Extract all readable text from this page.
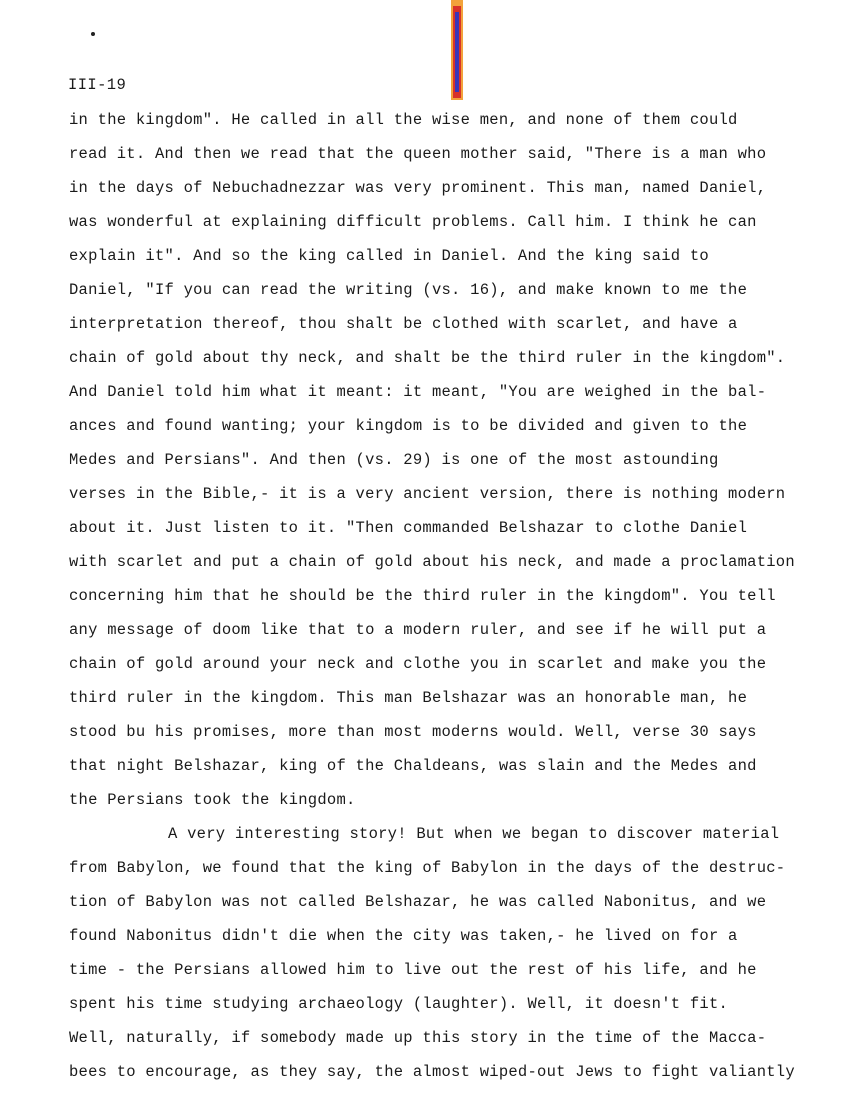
III-19
in the kingdom". He called in all the wise men, and none of them could
read it. And then we read that the queen mother said, "There is a man who
in the days of Nebuchadnezzar was very prominent. This man, named Daniel,
was wonderful at explaining difficult problems. Call him. I think he can
explain it". And so the king called in Daniel. And the king said to
Daniel, "If you can read the writing (vs. 16), and make known to me the
interpretation thereof, thou shalt be clothed with scarlet, and have a
chain of gold about thy neck, and shalt be the third ruler in the kingdom".
And Daniel told him what it meant: it meant, "You are weighed in the bal-
ances and found wanting; your kingdom is to be divided and given to the
Medes and Persians". And then (vs. 29) is one of the most astounding
verses in the Bible,- it is a very ancient version, there is nothing modern
about it. Just listen to it. "Then commanded Belshazar to clothe Daniel
with scarlet and put a chain of gold about his neck, and made a proclamation
concerning him that he should be the third ruler in the kingdom". You tell
any message of doom like that to a modern ruler, and see if he will put a
chain of gold around your neck and clothe you in scarlet and make you the
third ruler in the kingdom. This man Belshazar was an honorable man, he
stood bu his promises, more than most moderns would. Well, verse 30 says
that night Belshazar, king of the Chaldeans, was slain and the Medes and
the Persians took the kingdom.
A very interesting story! But when we began to discover material
from Babylon, we found that the king of Babylon in the days of the destruc-
tion of Babylon was not called Belshazar, he was called Nabonitus, and we
found Nabonitus didn't die when the city was taken,- he lived on for a
time - the Persians allowed him to live out the rest of his life, and he
spent his time studying archaeology (laughter). Well, it doesn't fit.
Well, naturally, if somebody made up this story in the time of the Macca-
bees to encourage, as they say, the almost wiped-out Jews to fight valiantly
